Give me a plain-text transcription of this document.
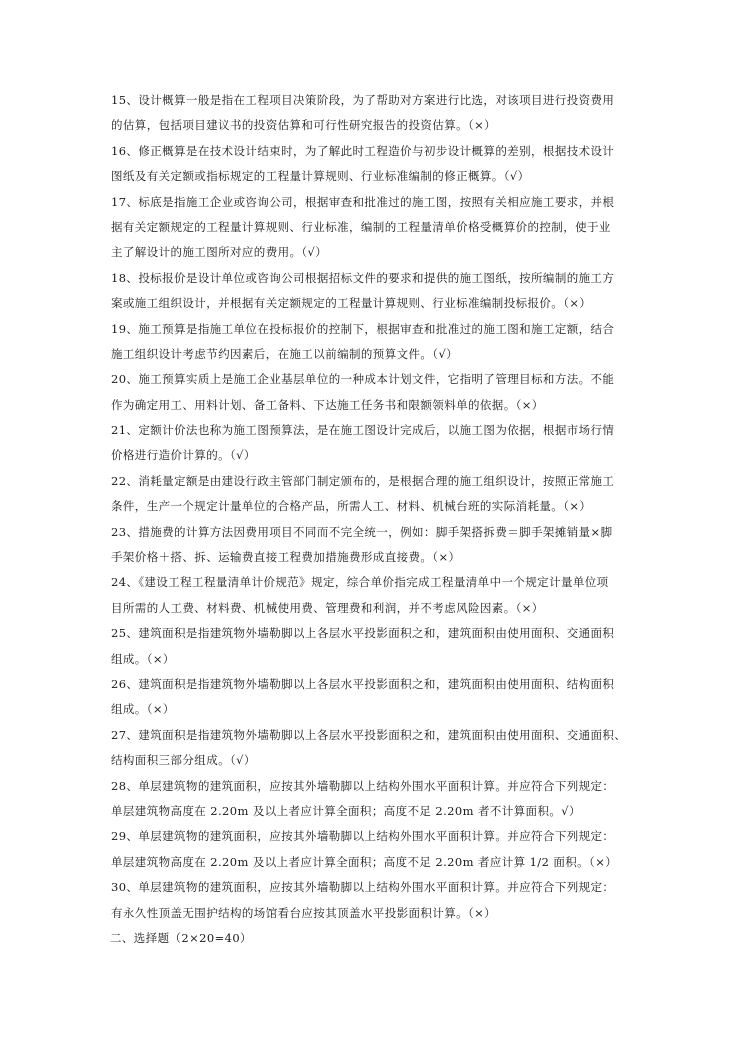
15、设计概算一般是指在工程项目决策阶段，为了帮助对方案进行比选，对该项目进行投资费用
的估算，包括项目建议书的投资估算和可行性研究报告的投资估算。（×）
16、修正概算是在技术设计结束时，为了解此时工程造价与初步设计概算的差别，根据技术设计
图纸及有关定额或指标规定的工程量计算规则、行业标准编制的修正概算。（√）
17、标底是指施工企业或咨询公司，根据审查和批准过的施工图，按照有关相应施工要求，并根
据有关定额规定的工程量计算规则、行业标准，编制的工程量清单价格受概算价的控制，使于业
主了解设计的施工图所对应的费用。（√）
18、投标报价是设计单位或咨询公司根据招标文件的要求和提供的施工图纸，按所编制的施工方
案或施工组织设计，并根据有关定额规定的工程量计算规则、行业标准编制投标报价。（×）
19、施工预算是指施工单位在投标报价的控制下，根据审查和批准过的施工图和施工定额，结合
施工组织设计考虑节约因素后，在施工以前编制的预算文件。（√）
20、施工预算实质上是施工企业基层单位的一种成本计划文件，它指明了管理目标和方法。不能
作为确定用工、用料计划、备工备料、下达施工任务书和限额领料单的依据。（×）
21、定额计价法也称为施工图预算法，是在施工图设计完成后，以施工图为依据，根据市场行情
价格进行造价计算的。（√）
22、消耗量定额是由建设行政主管部门制定颁布的，是根据合理的施工组织设计，按照正常施工
条件，生产一个规定计量单位的合格产品，所需人工、材料、机械台班的实际消耗量。（×）
23、措施费的计算方法因费用项目不同而不完全统一，例如：脚手架搭拆费＝脚手架摊销量×脚
手架价格＋搭、拆、运输费直接工程费加措施费形成直接费。（×）
24、《建设工程工程量清单计价规范》规定，综合单价指完成工程量清单中一个规定计量单位项
目所需的人工费、材料费、机械使用费、管理费和利润，并不考虑风险因素。（×）
25、建筑面积是指建筑物外墙勒脚以上各层水平投影面积之和，建筑面积由使用面积、交通面积
组成。（×）
26、建筑面积是指建筑物外墙勒脚以上各层水平投影面积之和，建筑面积由使用面积、结构面积
组成。（×）
27、建筑面积是指建筑物外墙勒脚以上各层水平投影面积之和，建筑面积由使用面积、交通面积、
结构面积三部分组成。（√）
28、单层建筑物的建筑面积，应按其外墙勒脚以上结构外围水平面积计算。并应符合下列规定：
单层建筑物高度在 2.20m 及以上者应计算全面积；高度不足 2.20m 者不计算面积。√）
29、单层建筑物的建筑面积，应按其外墙勒脚以上结构外围水平面积计算。并应符合下列规定：
单层建筑物高度在 2.20m 及以上者应计算全面积；高度不足 2.20m 者应计算 1/2 面积。（×）
30、单层建筑物的建筑面积，应按其外墙勒脚以上结构外围水平面积计算。并应符合下列规定：
有永久性顶盖无围护结构的场馆看台应按其顶盖水平投影面积计算。（×）
二、选择题（2×20=40）
